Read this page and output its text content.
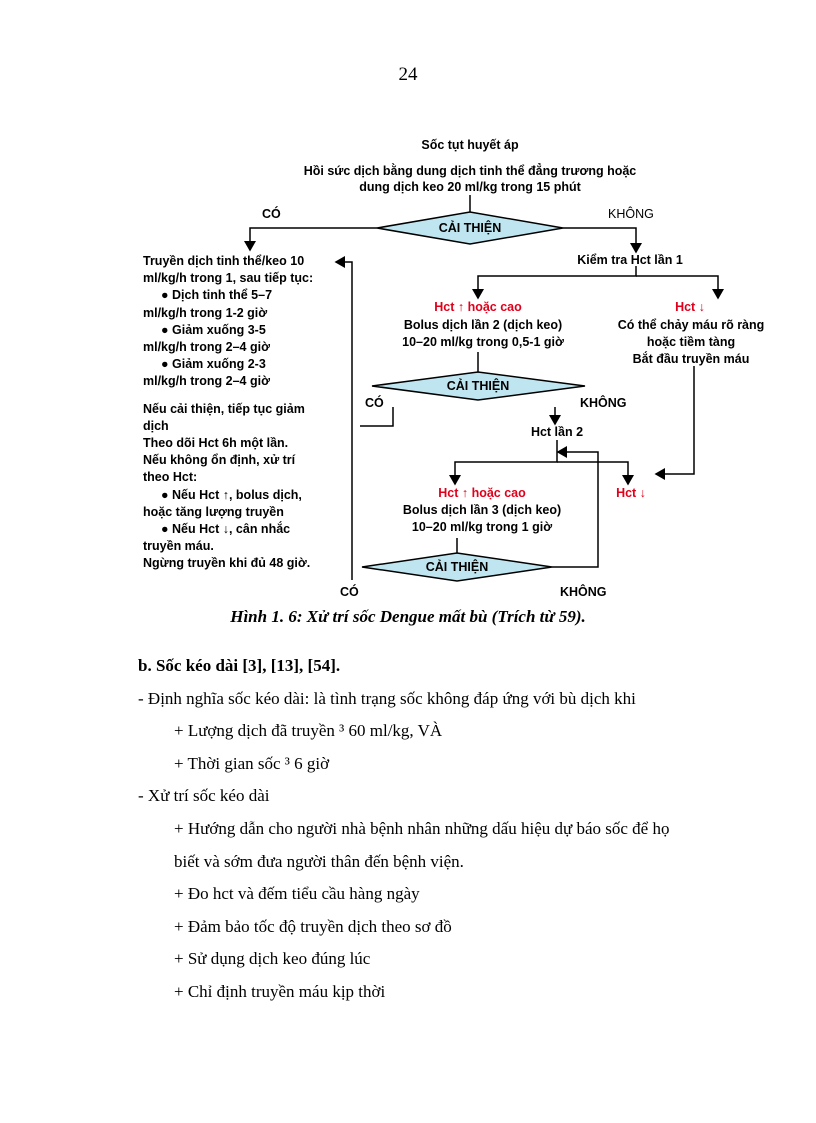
24
Sốc tụt huyết áp
Hồi sức dịch bằng dung dịch tinh thể đẳng trương hoặc
dung dịch keo 20 ml/kg trong 15 phút
CẢI THIỆN
CẢI THIỆN
CẢI THIỆN
CÓ	KHÔNG
Kiểm tra Hct lần 1
Hct ↑ hoặc cao	Hct ↓
Bolus dịch lần 2 (dịch keo)
10–20 ml/kg trong 0,5-1 giờ
Có thể chảy máu rõ ràng
hoặc tiềm tàng
Bắt đầu truyền máu
CÓ	KHÔNG
Hct lần 2
Hct ↑ hoặc cao	Hct ↓
Bolus dịch lần 3 (dịch keo)
10–20 ml/kg trong 1 giờ
CÓ	KHÔNG
Truyền dịch tinh thể/keo 10
ml/kg/h trong 1, sau tiếp tục:
● Dịch tinh thể 5–7
ml/kg/h trong 1-2 giờ
● Giảm xuống 3-5
ml/kg/h trong 2–4 giờ
● Giảm xuống 2-3
ml/kg/h trong 2–4 giờ
Nếu cải thiện, tiếp tục giảm
dịch
Theo dõi Hct 6h một lần.
Nếu không ổn định, xử trí
theo Hct:
● Nếu Hct ↑, bolus dịch,
hoặc tăng lượng truyền
● Nếu Hct ↓, cân nhắc
truyền máu.
Ngừng truyền khi đủ 48 giờ.
Hình 1. 6: Xử trí sốc Dengue mất bù (Trích từ 59).
b. Sốc kéo dài [3], [13], [54].
- Định nghĩa sốc kéo dài: là tình trạng sốc không đáp ứng với bù dịch khi
+ Lượng dịch đã truyền ³ 60 ml/kg, VÀ
+ Thời gian sốc ³ 6 giờ
- Xử trí sốc kéo dài
+ Hướng dẫn cho người nhà bệnh nhân những dấu hiệu dự báo sốc để họ
biết và sớm đưa người thân đến bệnh viện.
+ Đo hct và đếm tiểu cầu hàng ngày
+ Đảm bảo tốc độ truyền dịch theo sơ đồ
+ Sử dụng dịch keo đúng lúc
+ Chỉ định truyền máu kịp thời
